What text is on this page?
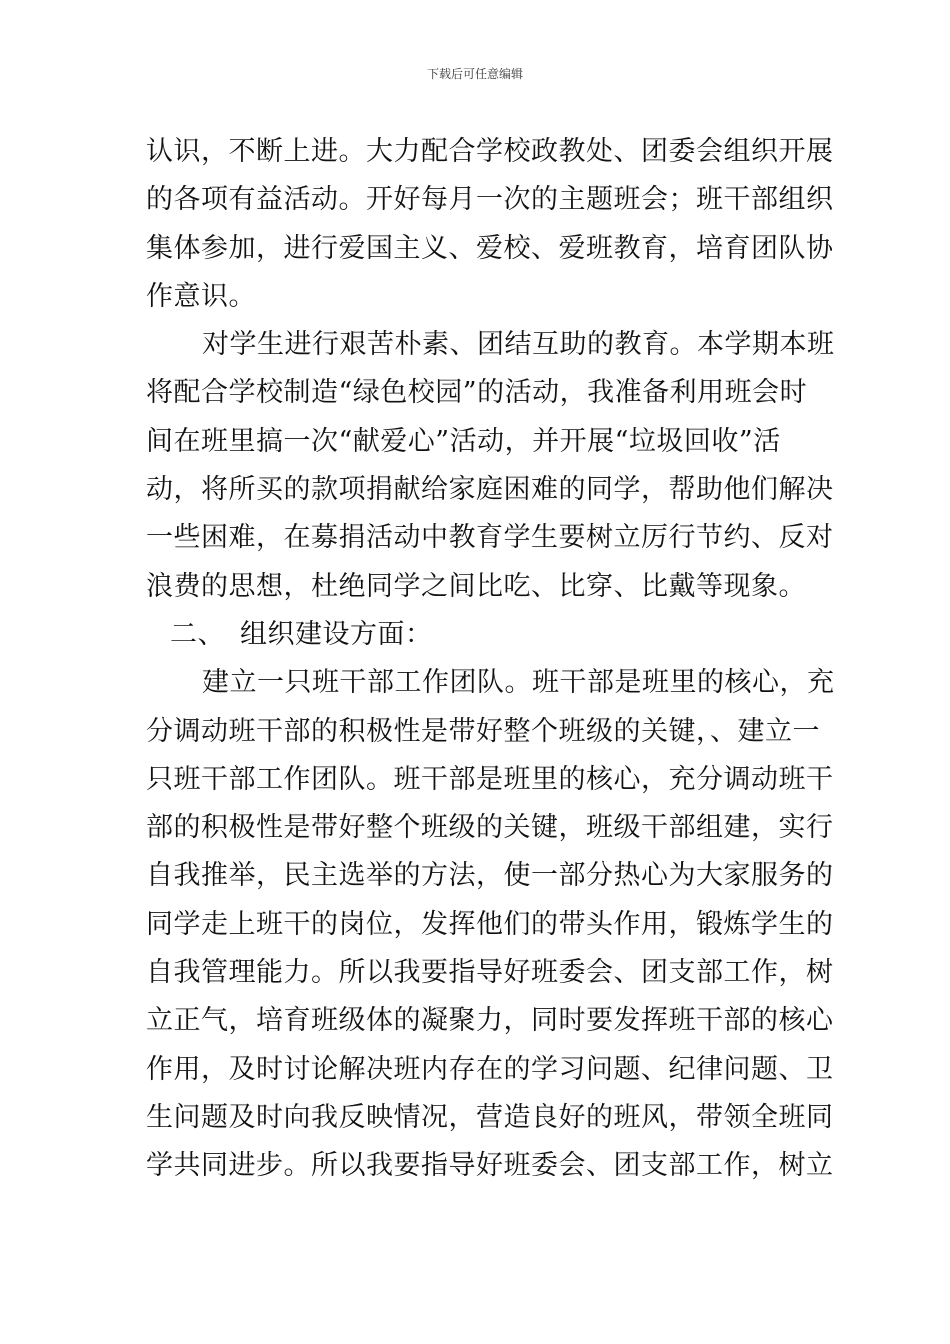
下载后可任意编辑
认识，不断上进。大力配合学校政教处、团委会组织开展
的各项有益活动。开好每月一次的主题班会；班干部组织
集体参加，进行爱国主义、爱校、爱班教育，培育团队协
作意识。
对学生进行艰苦朴素、团结互助的教育。本学期本班
将配合学校制造“绿色校园”的活动，我准备利用班会时
间在班里搞一次“献爱心”活动，并开展“垃圾回收”活
动，将所买的款项捐献给家庭困难的同学，帮助他们解决
一些困难，在募捐活动中教育学生要树立厉行节约、反对
浪费的思想，杜绝同学之间比吃、比穿、比戴等现象。
二、 组织建设方面：
建立一只班干部工作团队。班干部是班里的核心，充
分调动班干部的积极性是带好整个班级的关键，、建立一
只班干部工作团队。班干部是班里的核心，充分调动班干
部的积极性是带好整个班级的关键，班级干部组建，实行
自我推举，民主选举的方法，使一部分热心为大家服务的
同学走上班干的岗位，发挥他们的带头作用，锻炼学生的
自我管理能力。所以我要指导好班委会、团支部工作，树
立正气，培育班级体的凝聚力，同时要发挥班干部的核心
作用，及时讨论解决班内存在的学习问题、纪律问题、卫
生问题及时向我反映情况，营造良好的班风，带领全班同
学共同进步。所以我要指导好班委会、团支部工作，树立
